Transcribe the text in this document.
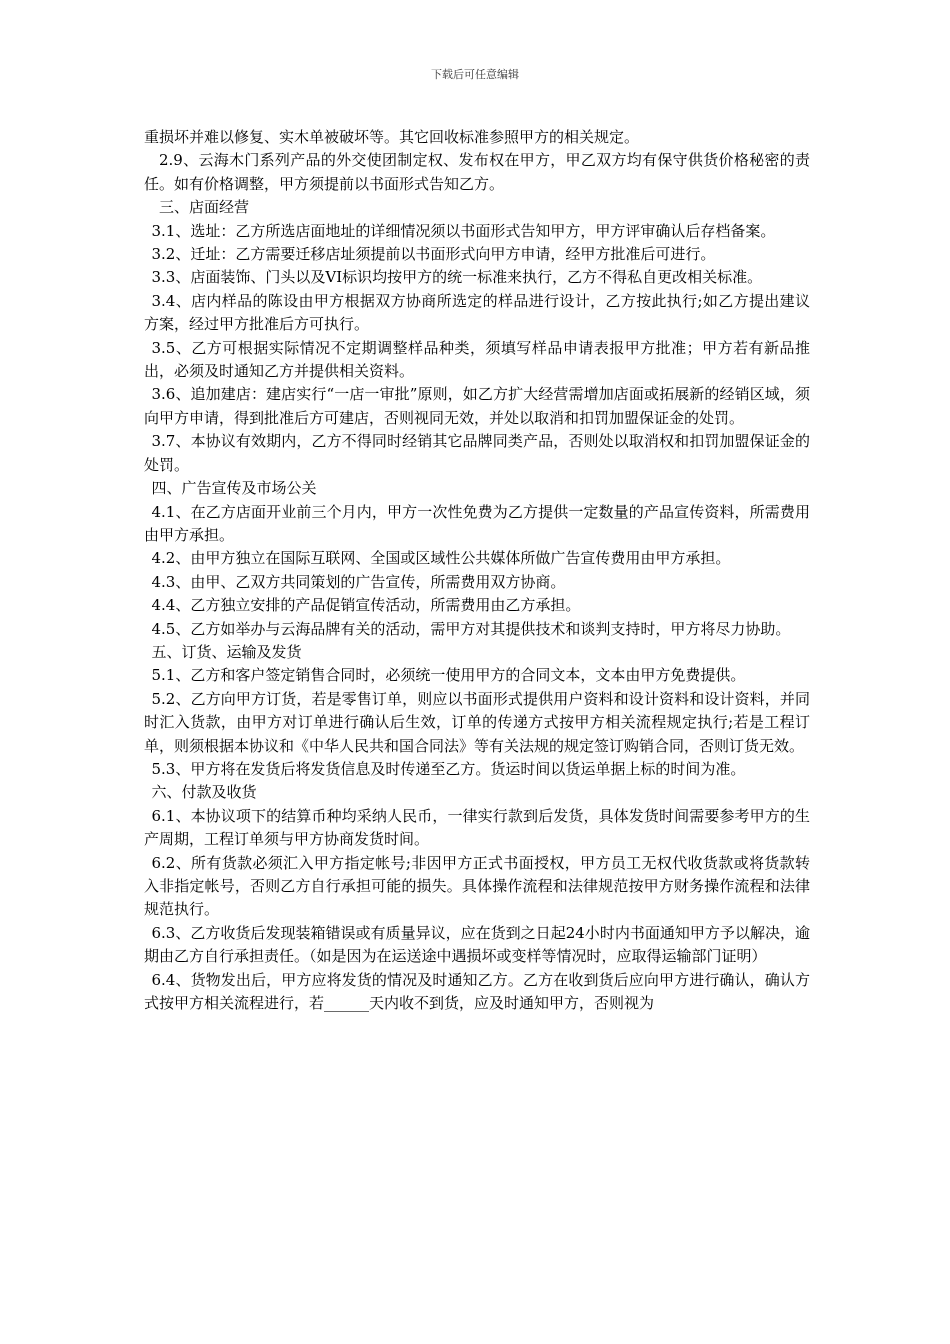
下载后可任意编辑

重损坏并难以修复、实木单被破坏等。其它回收标准参照甲方的相关规定。

2.9、云海木门系列产品的外交使团制定权、发布权在甲方，甲乙双方均有保守供货价格秘密的责任。如有价格调整，甲方须提前以书面形式告知乙方。

三、店面经营

3.1、选址：乙方所选店面地址的详细情况须以书面形式告知甲方，甲方评审确认后存档备案。

3.2、迁址：乙方需要迁移店址须提前以书面形式向甲方申请，经甲方批准后可进行。

3.3、店面装饰、门头以及VI标识均按甲方的统一标准来执行，乙方不得私自更改相关标准。

3.4、店内样品的陈设由甲方根据双方协商所选定的样品进行设计，乙方按此执行;如乙方提出建议方案，经过甲方批准后方可执行。

3.5、乙方可根据实际情况不定期调整样品种类，须填写样品申请表报甲方批准；甲方若有新品推出，必须及时通知乙方并提供相关资料。

3.6、追加建店：建店实行“一店一审批”原则，如乙方扩大经营需增加店面或拓展新的经销区域，须向甲方申请，得到批准后方可建店，否则视同无效，并处以取消和扣罚加盟保证金的处罚。

3.7、本协议有效期内，乙方不得同时经销其它品牌同类产品，否则处以取消权和扣罚加盟保证金的处罚。

四、广告宣传及市场公关

4.1、在乙方店面开业前三个月内，甲方一次性免费为乙方提供一定数量的产品宣传资料，所需费用由甲方承担。

4.2、由甲方独立在国际互联网、全国或区域性公共媒体所做广告宣传费用由甲方承担。

4.3、由甲、乙双方共同策划的广告宣传，所需费用双方协商。

4.4、乙方独立安排的产品促销宣传活动，所需费用由乙方承担。

4.5、乙方如举办与云海品牌有关的活动，需甲方对其提供技术和谈判支持时，甲方将尽力协助。

五、订货、运输及发货

5.1、乙方和客户签定销售合同时，必须统一使用甲方的合同文本，文本由甲方免费提供。

5.2、乙方向甲方订货，若是零售订单，则应以书面形式提供用户资料和设计资料和设计资料，并同时汇入货款，由甲方对订单进行确认后生效，订单的传递方式按甲方相关流程规定执行;若是工程订单，则须根据本协议和《中华人民共和国合同法》等有关法规的规定签订购销合同，否则订货无效。

5.3、甲方将在发货后将发货信息及时传递至乙方。货运时间以货运单据上标的时间为准。

六、付款及收货

6.1、本协议项下的结算币种均采纳人民币，一律实行款到后发货，具体发货时间需要参考甲方的生产周期，工程订单须与甲方协商发货时间。

6.2、所有货款必须汇入甲方指定帐号;非因甲方正式书面授权，甲方员工无权代收货款或将货款转入非指定帐号，否则乙方自行承担可能的损失。具体操作流程和法律规范按甲方财务操作流程和法律规范执行。

6.3、乙方收货后发现装箱错误或有质量异议，应在货到之日起24小时内书面通知甲方予以解决，逾期由乙方自行承担责任。（如是因为在运送途中遇损坏或变样等情况时，应取得运输部门证明）

6.4、货物发出后，甲方应将发货的情况及时通知乙方。乙方在收到货后应向甲方进行确认，确认方式按甲方相关流程进行，若______天内收不到货，应及时通知甲方，否则视为
